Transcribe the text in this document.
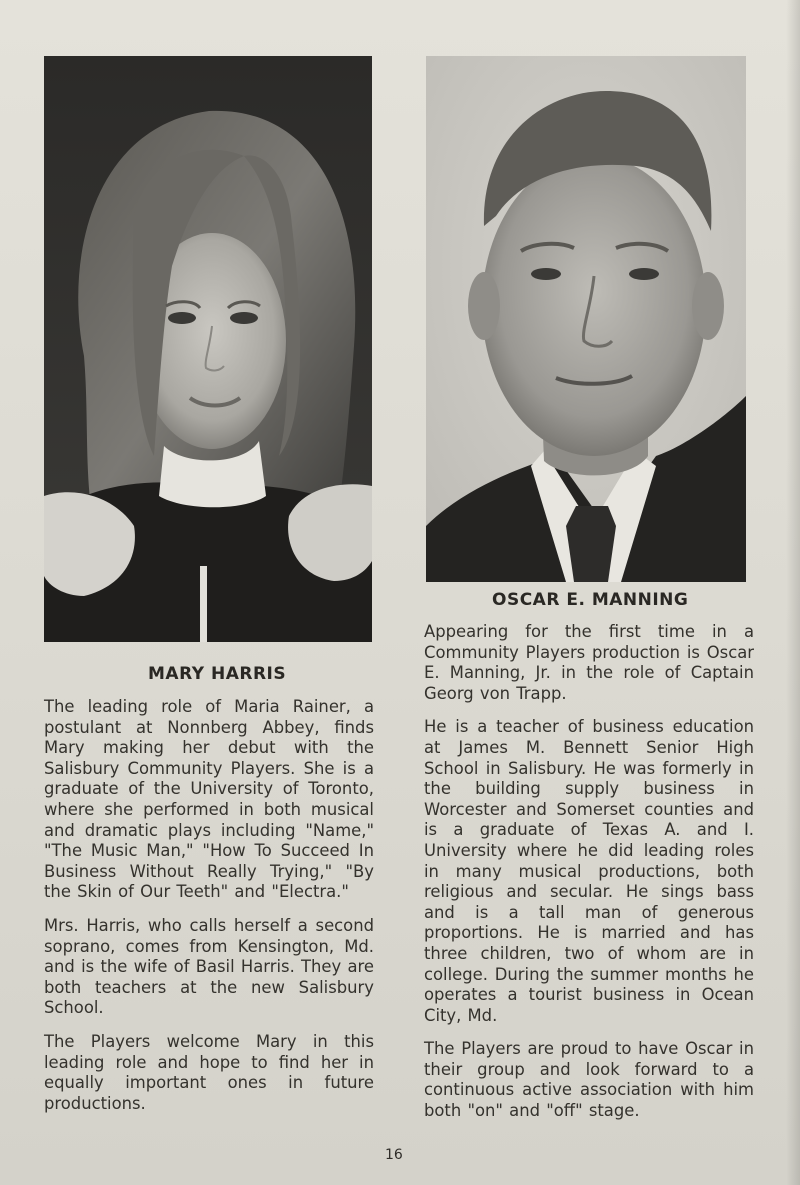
MARY HARRIS
OSCAR E. MANNING

The leading role of Maria Rainer, a postulant at Nonnberg Abbey, finds Mary making her debut with the Salisbury Community Players. She is a graduate of the University of Toronto, where she performed in both musical and dramatic plays including "Name," "The Music Man," "How To Succeed In Business Without Really Trying," "By the Skin of Our Teeth" and "Electra."

Mrs. Harris, who calls herself a second soprano, comes from Kensington, Md. and is the wife of Basil Harris. They are both teachers at the new Salisbury School.

The Players welcome Mary in this leading role and hope to find her in equally important ones in future productions.

Appearing for the first time in a Community Players production is Oscar E. Manning, Jr. in the role of Captain Georg von Trapp.

He is a teacher of business education at James M. Bennett Senior High School in Salisbury. He was formerly in the building supply business in Worcester and Somerset counties and is a graduate of Texas A. and I. University where he did leading roles in many musical productions, both religious and secular. He sings bass and is a tall man of generous proportions. He is married and has three children, two of whom are in college. During the summer months he operates a tourist business in Ocean City, Md.

The Players are proud to have Oscar in their group and look forward to a continuous active association with him both "on" and "off" stage.

16
